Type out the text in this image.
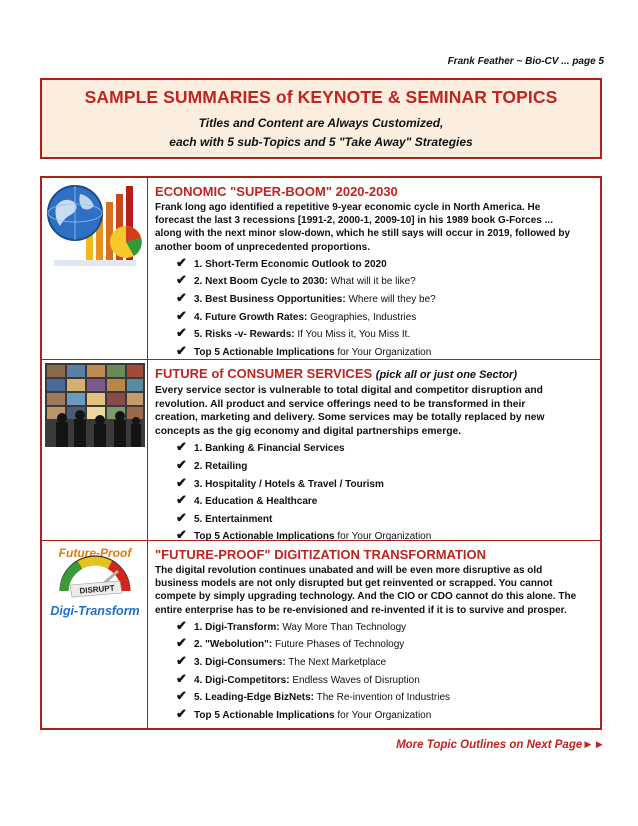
Frank Feather ~ Bio-CV ... page 5
SAMPLE SUMMARIES of KEYNOTE & SEMINAR TOPICS
Titles and Content are Always Customized,
each with 5 sub-Topics and 5 "Take Away" Strategies
ECONOMIC "SUPER-BOOM" 2020-2030
Frank long ago identified a repetitive 9-year economic cycle in North America. He
forecast the last 3 recessions [1991-2, 2000-1, 2009-10] in his 1989 book G-Forces ...
along with the next minor slow-down, which he still says will occur in 2019, followed by
another boom of unprecedented proportions.
✔ 1. Short-Term Economic Outlook to 2020
✔ 2. Next Boom Cycle to 2030: What will it be like?
✔ 3. Best Business Opportunities: Where will they be?
✔ 4. Future Growth Rates: Geographies, Industries
✔ 5. Risks -v- Rewards: If You Miss it, You Miss It.
✔ Top 5 Actionable Implications for Your Organization
FUTURE of CONSUMER SERVICES (pick all or just one Sector)
Every service sector is vulnerable to total digital and competitor disruption and
revolution. All product and service offerings need to be transformed in their
creation, marketing and delivery. Some services may be totally replaced by new
concepts as the gig economy and digital partnerships emerge.
✔ 1. Banking & Financial Services
✔ 2. Retailing
✔ 3. Hospitality / Hotels & Travel / Tourism
✔ 4. Education & Healthcare
✔ 5. Entertainment
✔ Top 5 Actionable Implications for Your Organization
Future-Proof
DISRUPT
Digi-Transform
"FUTURE-PROOF" DIGITIZATION TRANSFORMATION
The digital revolution continues unabated and will be even more disruptive as old
business models are not only disrupted but get reinvented or scrapped. You cannot
compete by simply upgrading technology. And the CIO or CDO cannot do this alone. The
entire enterprise has to be re-envisioned and re-invented if it is to survive and prosper.
✔ 1. Digi-Transform: Way More Than Technology
✔ 2. "Webolution": Future Phases of Technology
✔ 3. Digi-Consumers: The Next Marketplace
✔ 4. Digi-Competitors: Endless Waves of Disruption
✔ 5. Leading-Edge BizNets: The Re-invention of Industries
✔ Top 5 Actionable Implications for Your Organization
More Topic Outlines on Next Page►►
